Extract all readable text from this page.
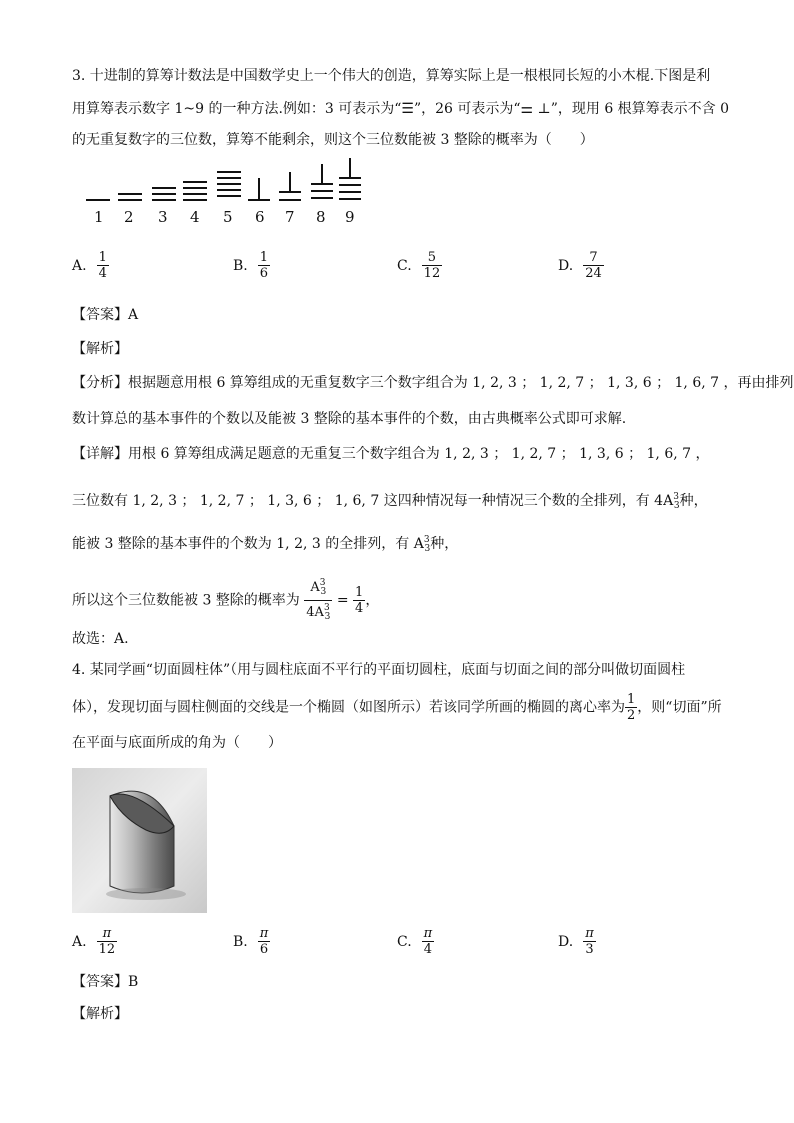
3. 十进制的算筹计数法是中国数学史上一个伟大的创造，算筹实际上是一根根同长短的小木棍.下图是利
用算筹表示数字 1~9 的一种方法.例如：3 可表示为“☰”，26 可表示为“⚌ ⊥”，现用 6 根算筹表示不含 0
的无重复数字的三位数，算筹不能剩余，则这个三位数能被 3 整除的概率为（　　）
1 2 3 4 5 6 7 8 9
A. $\frac{1}{4}$	B. $\frac{1}{6}$	C. $\frac{5}{12}$	D. $\frac{7}{24}$
【答案】A
【解析】
【分析】根据题意用根 6 算筹组成的无重复数字三个数字组合为 1, 2, 3 ； 1, 2, 7 ； 1, 3, 6 ； 1, 6, 7 ，再由排列
数计算总的基本事件的个数以及能被 3 整除的基本事件的个数，由古典概率公式即可求解.
【详解】用根 6 算筹组成满足题意的无重复三个数字组合为 1, 2, 3 ； 1, 2, 7 ； 1, 3, 6 ； 1, 6, 7 ，
三位数有 1, 2, 3 ； 1, 2, 7 ； 1, 3, 6 ； 1, 6, 7 这四种情况每一种情况三个数的全排列，有 $4A^3_3$种，
能被 3 整除的基本事件的个数为 1, 2, 3 的全排列，有 $A^3_3$种，
所以这个三位数能被 3 整除的概率为 $\frac{A^3_3}{4A^3_3} = \frac{1}{4}$ ，
故选：A.
4. 某同学画“切面圆柱体”（用与圆柱底面不平行的平面切圆柱，底面与切面之间的部分叫做切面圆柱
体），发现切面与圆柱侧面的交线是一个椭圆（如图所示）若该同学所画的椭圆的离心率为 $\frac{1}{2}$ ，则“切面”所
在平面与底面所成的角为（　　）
A. $\frac{\pi}{12}$	B. $\frac{\pi}{6}$	C. $\frac{\pi}{4}$	D. $\frac{\pi}{3}$
【答案】B
【解析】
